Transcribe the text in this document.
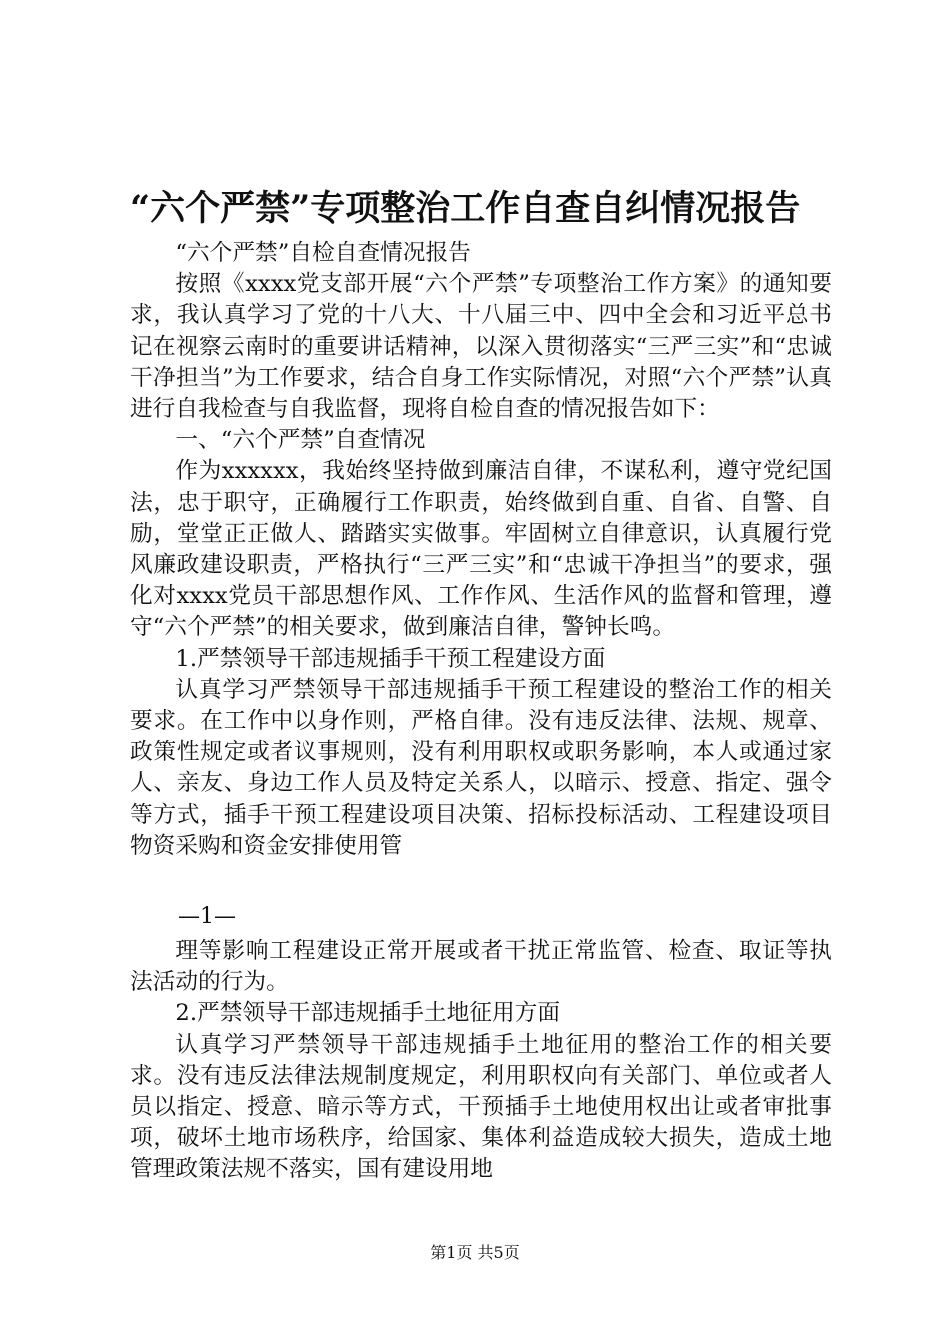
“六个严禁”专项整治工作自查自纠情况报告

“六个严禁”自检自查情况报告

按照《xxxx党支部开展“六个严禁”专项整治工作方案》的通知要求，我认真学习了党的十八大、十八届三中、四中全会和习近平总书记在视察云南时的重要讲话精神，以深入贯彻落实“三严三实”和“忠诚干净担当”为工作要求，结合自身工作实际情况，对照“六个严禁”认真进行自我检查与自我监督，现将自检自查的情况报告如下：

一、“六个严禁”自查情况

作为xxxxxx，我始终坚持做到廉洁自律，不谋私利，遵守党纪国法，忠于职守，正确履行工作职责，始终做到自重、自省、自警、自励，堂堂正正做人、踏踏实实做事。牢固树立自律意识，认真履行党风廉政建设职责，严格执行“三严三实”和“忠诚干净担当”的要求，强化对xxxx党员干部思想作风、工作作风、生活作风的监督和管理，遵守“六个严禁”的相关要求，做到廉洁自律，警钟长鸣。

1.严禁领导干部违规插手干预工程建设方面

认真学习严禁领导干部违规插手干预工程建设的整治工作的相关要求。在工作中以身作则，严格自律。没有违反法律、法规、规章、政策性规定或者议事规则，没有利用职权或职务影响，本人或通过家人、亲友、身边工作人员及特定关系人，以暗示、授意、指定、强令等方式，插手干预工程建设项目决策、招标投标活动、工程建设项目物资采购和资金安排使用管

—1—

理等影响工程建设正常开展或者干扰正常监管、检查、取证等执法活动的行为。

2.严禁领导干部违规插手土地征用方面

认真学习严禁领导干部违规插手土地征用的整治工作的相关要求。没有违反法律法规制度规定，利用职权向有关部门、单位或者人员以指定、授意、暗示等方式，干预插手土地使用权出让或者审批事项，破坏土地市场秩序，给国家、集体利益造成较大损失，造成土地管理政策法规不落实，国有建设用地

第1页 共5页
